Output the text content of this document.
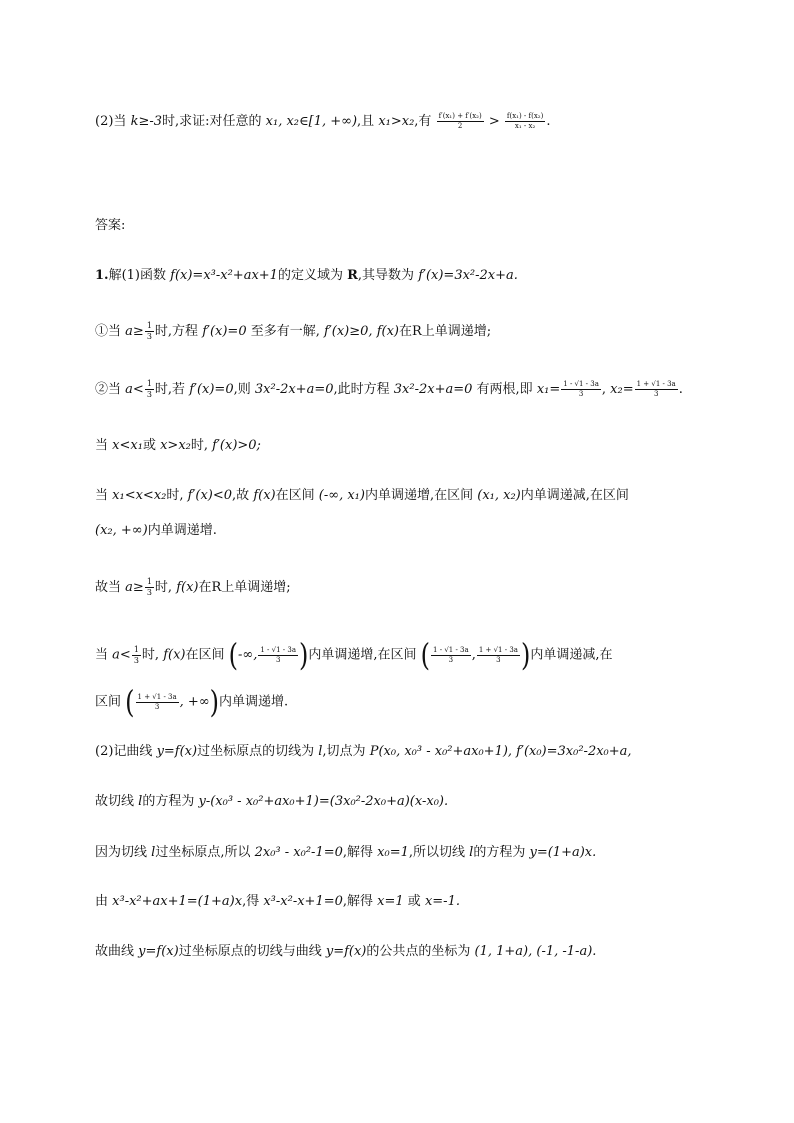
(2)当 k≥-3时,求证:对任意的 x₁, x₂∈[1, +∞),且 x₁>x₂,有 $\frac{\text{f′(x₁) + f′(x₂)}}{2} > \frac{\text{f(x₁) - f(x₂)}}{\text{x₁ - x₂}}$ .
答案:
1.解(1)函数 f(x)=x³-x²+ax+1的定义域为 R,其导数为 f′(x)=3x²-2x+a.
①当 $a\ge \frac{1}{3}$ 时,方程 f′(x)=0 至多有一解, f′(x)≥0, f(x)在R上单调递增;
②当 $a< \frac{1}{3}$ 时,若 f′(x)=0,则 3x²-2x+a=0,此时方程 3x²-2x+a=0 有两根,即 $x_1= \frac{1 - √1 - 3a}{3}$ , $x_2= \frac{1 + √1 - 3a}{3}$ .
当 x<x₁或 x>x₂时, f′(x)>0;
当 x₁<x<x₂时, f′(x)<0,故 f(x)在区间 (-∞, x₁)内单调递增,在区间 (x₁, x₂)内单调递减,在区间
(x₂, +∞)内单调递增.
故当 $a\ge \frac{1}{3}$ 时, f(x)在R上单调递增;
当 $a< \frac{1}{3}$ 时, f(x)在区间 (-∞, $\frac{1 - √1 - 3a}{3}$ )内单调递增,在区间 ( $\frac{1 - √1 - 3a}{3}$ , $\frac{1 + √1 - 3a}{3}$ )内单调递减,在
区间 ( $\frac{1 + √1 - 3a}{3}$ , +∞)内单调递增.
(2)记曲线 y=f(x)过坐标原点的切线为 l,切点为 P(x₀, x₀³ - x₀²+ax₀+1), f′(x₀)=3x₀²-2x₀+a,
故切线 l的方程为 y-(x₀³ - x₀²+ax₀+1)=(3x₀²-2x₀+a)(x-x₀).
因为切线 l过坐标原点,所以 2x₀³ - x₀²-1=0,解得 x₀=1,所以切线 l的方程为 y=(1+a)x.
由 x³-x²+ax+1=(1+a)x,得 x³-x²-x+1=0,解得 x=1 或 x=-1.
故曲线 y=f(x)过坐标原点的切线与曲线 y=f(x)的公共点的坐标为 (1, 1+a), (-1, -1-a).
